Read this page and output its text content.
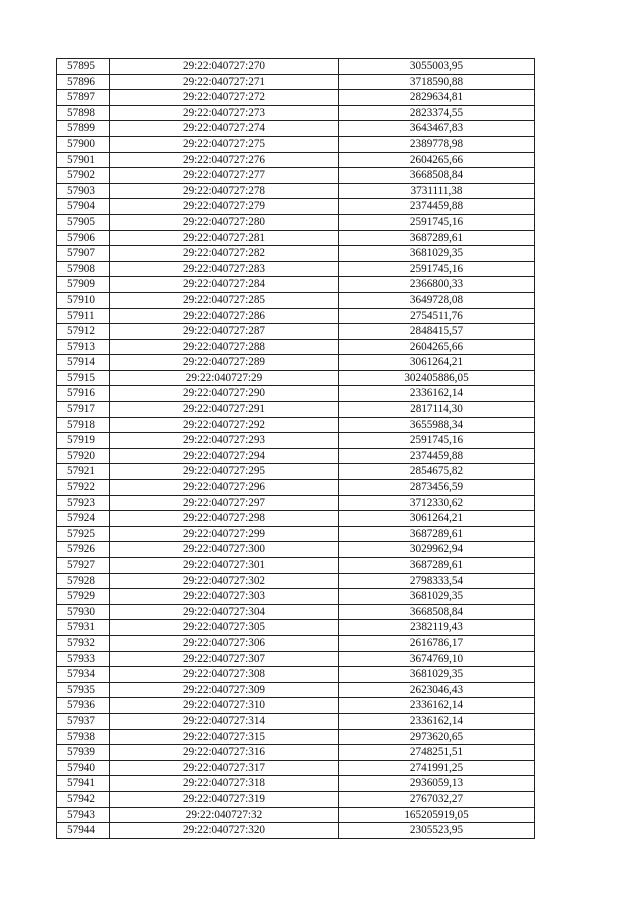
57895	29:22:040727:270	3055003,95
57896	29:22:040727:271	3718590,88
57897	29:22:040727:272	2829634,81
57898	29:22:040727:273	2823374,55
57899	29:22:040727:274	3643467,83
57900	29:22:040727:275	2389778,98
57901	29:22:040727:276	2604265,66
57902	29:22:040727:277	3668508,84
57903	29:22:040727:278	3731111,38
57904	29:22:040727:279	2374459,88
57905	29:22:040727:280	2591745,16
57906	29:22:040727:281	3687289,61
57907	29:22:040727:282	3681029,35
57908	29:22:040727:283	2591745,16
57909	29:22:040727:284	2366800,33
57910	29:22:040727:285	3649728,08
57911	29:22:040727:286	2754511,76
57912	29:22:040727:287	2848415,57
57913	29:22:040727:288	2604265,66
57914	29:22:040727:289	3061264,21
57915	29:22:040727:29	302405886,05
57916	29:22:040727:290	2336162,14
57917	29:22:040727:291	2817114,30
57918	29:22:040727:292	3655988,34
57919	29:22:040727:293	2591745,16
57920	29:22:040727:294	2374459,88
57921	29:22:040727:295	2854675,82
57922	29:22:040727:296	2873456,59
57923	29:22:040727:297	3712330,62
57924	29:22:040727:298	3061264,21
57925	29:22:040727:299	3687289,61
57926	29:22:040727:300	3029962,94
57927	29:22:040727:301	3687289,61
57928	29:22:040727:302	2798333,54
57929	29:22:040727:303	3681029,35
57930	29:22:040727:304	3668508,84
57931	29:22:040727:305	2382119,43
57932	29:22:040727:306	2616786,17
57933	29:22:040727:307	3674769,10
57934	29:22:040727:308	3681029,35
57935	29:22:040727:309	2623046,43
57936	29:22:040727:310	2336162,14
57937	29:22:040727:314	2336162,14
57938	29:22:040727:315	2973620,65
57939	29:22:040727:316	2748251,51
57940	29:22:040727:317	2741991,25
57941	29:22:040727:318	2936059,13
57942	29:22:040727:319	2767032,27
57943	29:22:040727:32	165205919,05
57944	29:22:040727:320	2305523,95
